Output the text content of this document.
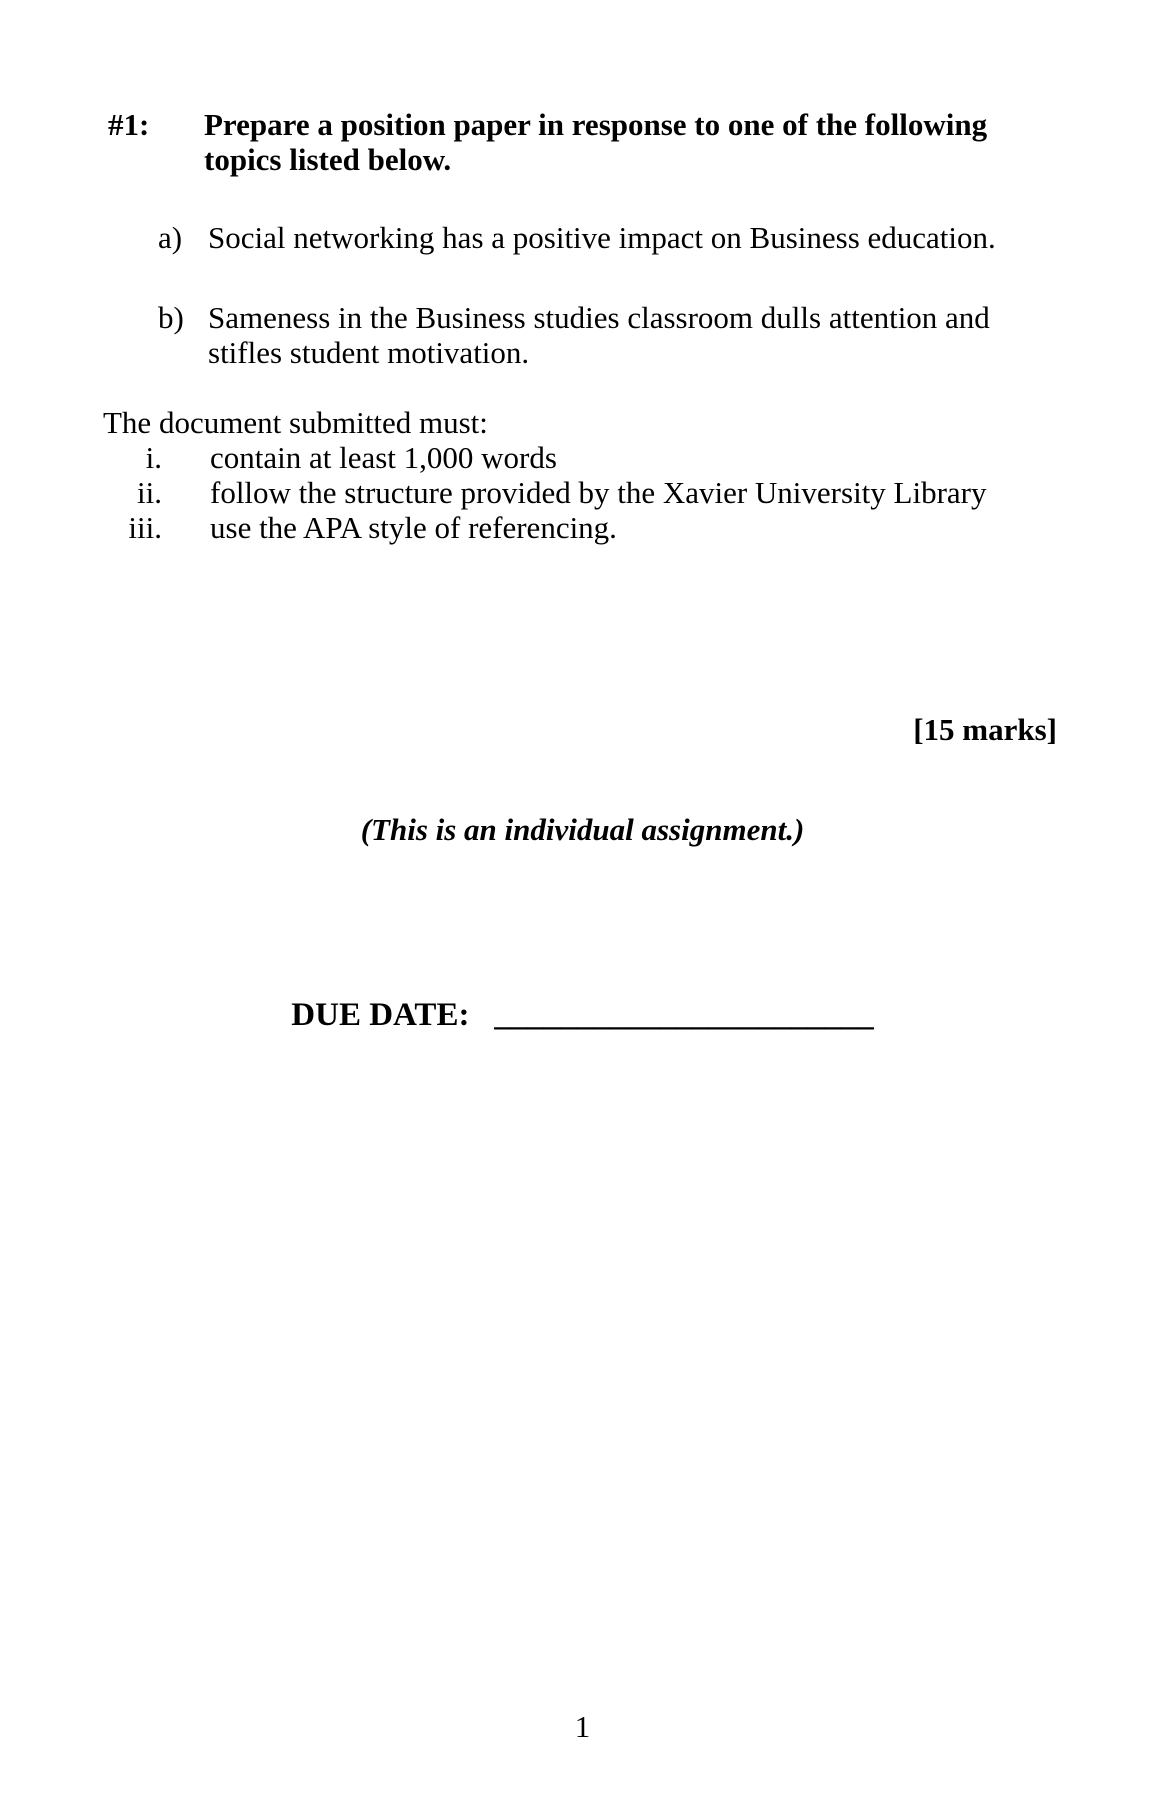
#1: Prepare a position paper in response to one of the following
topics listed below.
a) Social networking has a positive impact on Business education.
b) Sameness in the Business studies classroom dulls attention and
stifles student motivation.
The document submitted must:
i. contain at least 1,000 words
ii. follow the structure provided by the Xavier University Library
iii. use the APA style of referencing.
[15 marks]
(This is an individual assignment.)
DUE DATE: _______________________
1
